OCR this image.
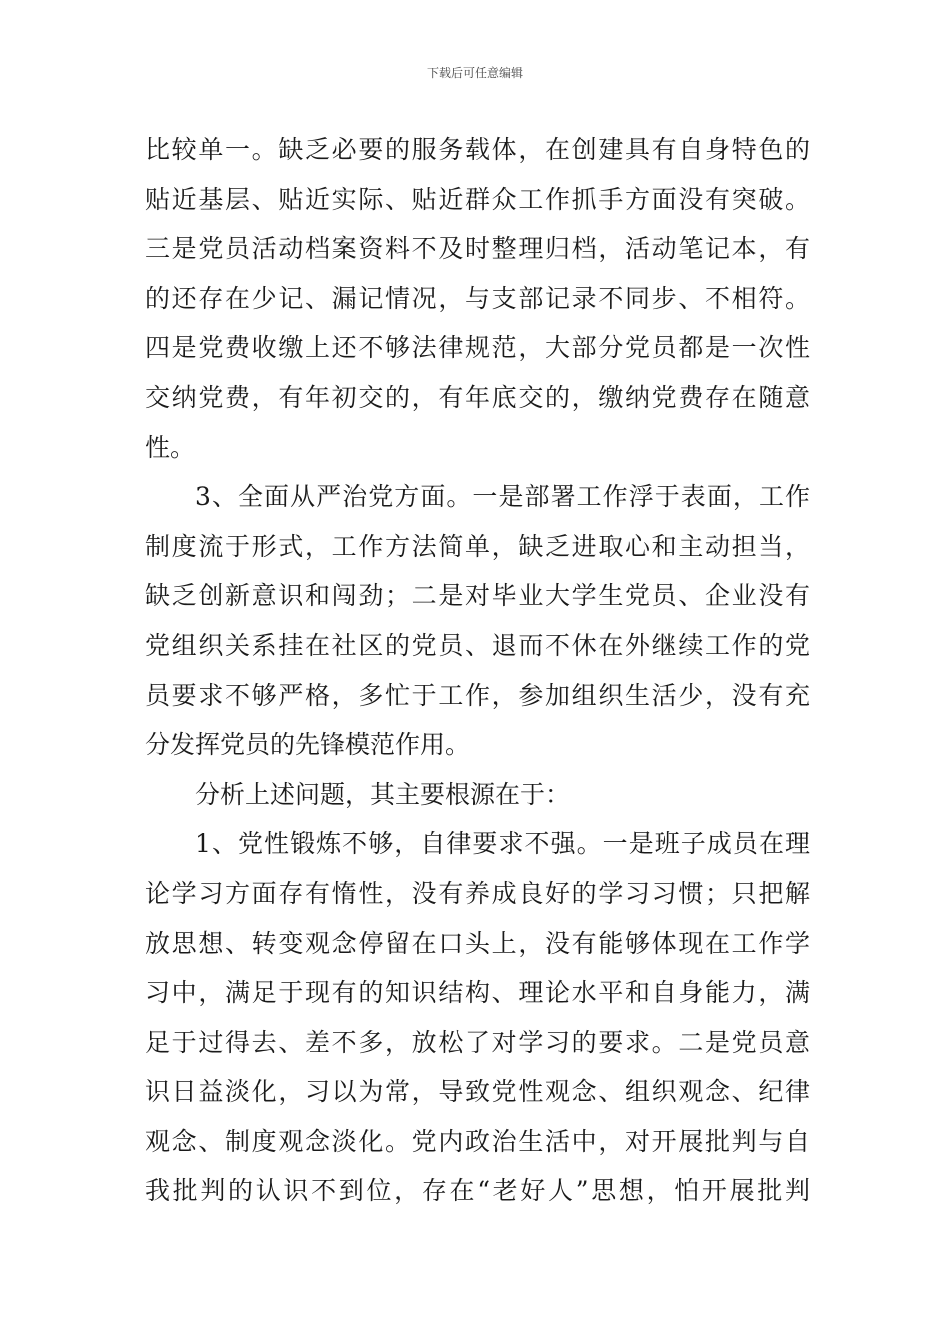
下载后可任意编辑
比较单一。缺乏必要的服务载体，在创建具有自身特色的
贴近基层、贴近实际、贴近群众工作抓手方面没有突破。
三是党员活动档案资料不及时整理归档，活动笔记本，有
的还存在少记、漏记情况，与支部记录不同步、不相符。
四是党费收缴上还不够法律规范，大部分党员都是一次性
交纳党费，有年初交的，有年底交的，缴纳党费存在随意
性。
3、全面从严治党方面。一是部署工作浮于表面，工作
制度流于形式，工作方法简单，缺乏进取心和主动担当，
缺乏创新意识和闯劲；二是对毕业大学生党员、企业没有
党组织关系挂在社区的党员、退而不休在外继续工作的党
员要求不够严格，多忙于工作，参加组织生活少，没有充
分发挥党员的先锋模范作用。
分析上述问题，其主要根源在于：
1、党性锻炼不够，自律要求不强。一是班子成员在理
论学习方面存有惰性，没有养成良好的学习习惯；只把解
放思想、转变观念停留在口头上，没有能够体现在工作学
习中，满足于现有的知识结构、理论水平和自身能力，满
足于过得去、差不多，放松了对学习的要求。二是党员意
识日益淡化，习以为常，导致党性观念、组织观念、纪律
观念、制度观念淡化。党内政治生活中，对开展批判与自
我批判的认识不到位，存在“老好人”思想，怕开展批判
